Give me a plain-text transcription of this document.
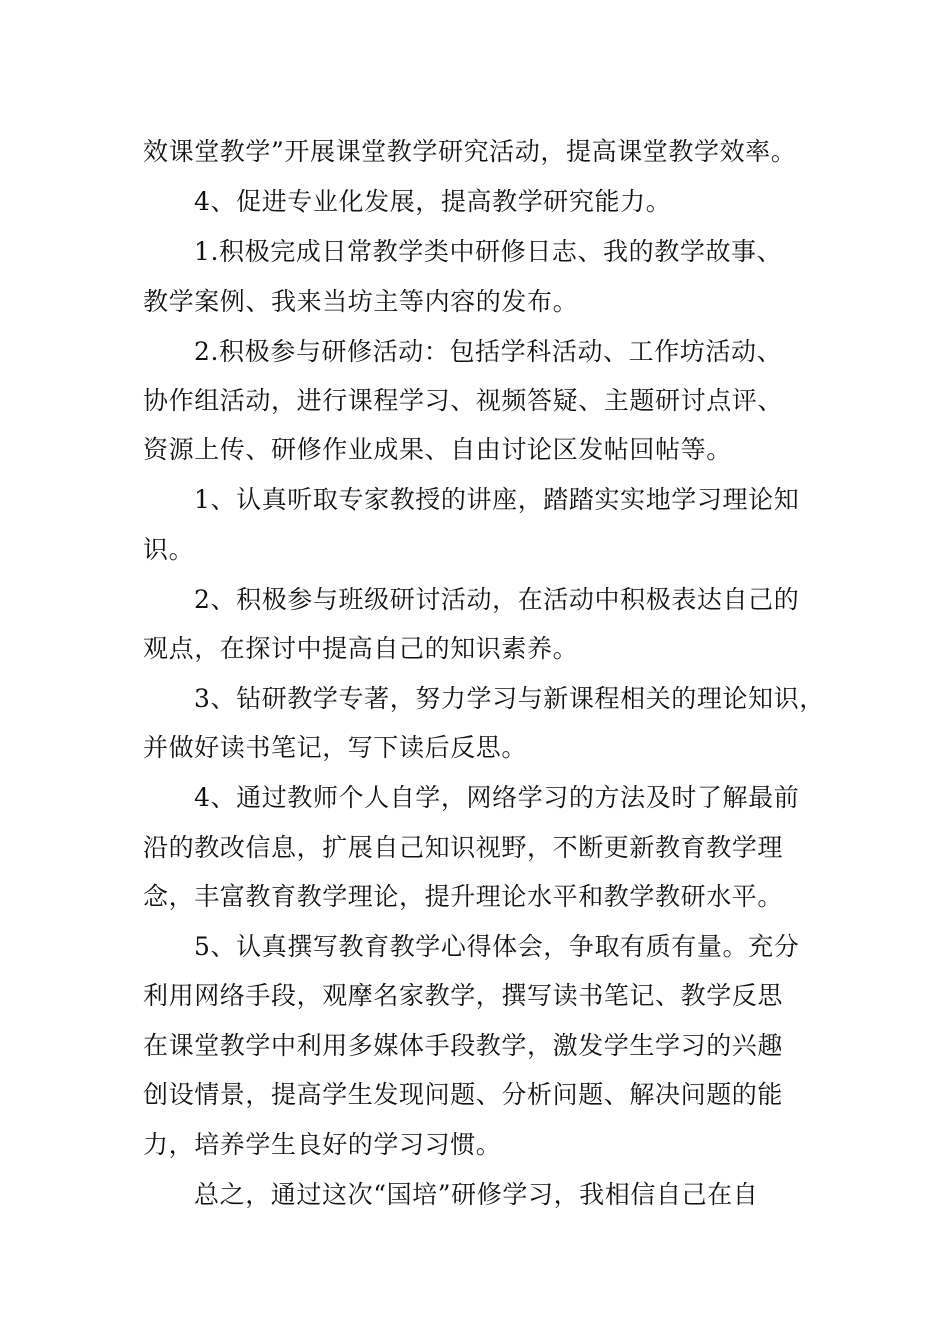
效课堂教学”开展课堂教学研究活动，提高课堂教学效率。
4、促进专业化发展，提高教学研究能力。
1.积极完成日常教学类中研修日志、我的教学故事、
教学案例、我来当坊主等内容的发布。
2.积极参与研修活动：包括学科活动、工作坊活动、
协作组活动，进行课程学习、视频答疑、主题研讨点评、
资源上传、研修作业成果、自由讨论区发帖回帖等。
1、认真听取专家教授的讲座，踏踏实实地学习理论知
识。
2、积极参与班级研讨活动，在活动中积极表达自己的
观点，在探讨中提高自己的知识素养。
3、钻研教学专著，努力学习与新课程相关的理论知识，
并做好读书笔记，写下读后反思。
4、通过教师个人自学，网络学习的方法及时了解最前
沿的教改信息，扩展自己知识视野，不断更新教育教学理
念，丰富教育教学理论，提升理论水平和教学教研水平。
5、认真撰写教育教学心得体会，争取有质有量。充分
利用网络手段，观摩名家教学，撰写读书笔记、教学反思
在课堂教学中利用多媒体手段教学，激发学生学习的兴趣
创设情景，提高学生发现问题、分析问题、解决问题的能
力，培养学生良好的学习习惯。
总之，通过这次“国培”研修学习，我相信自己在自
